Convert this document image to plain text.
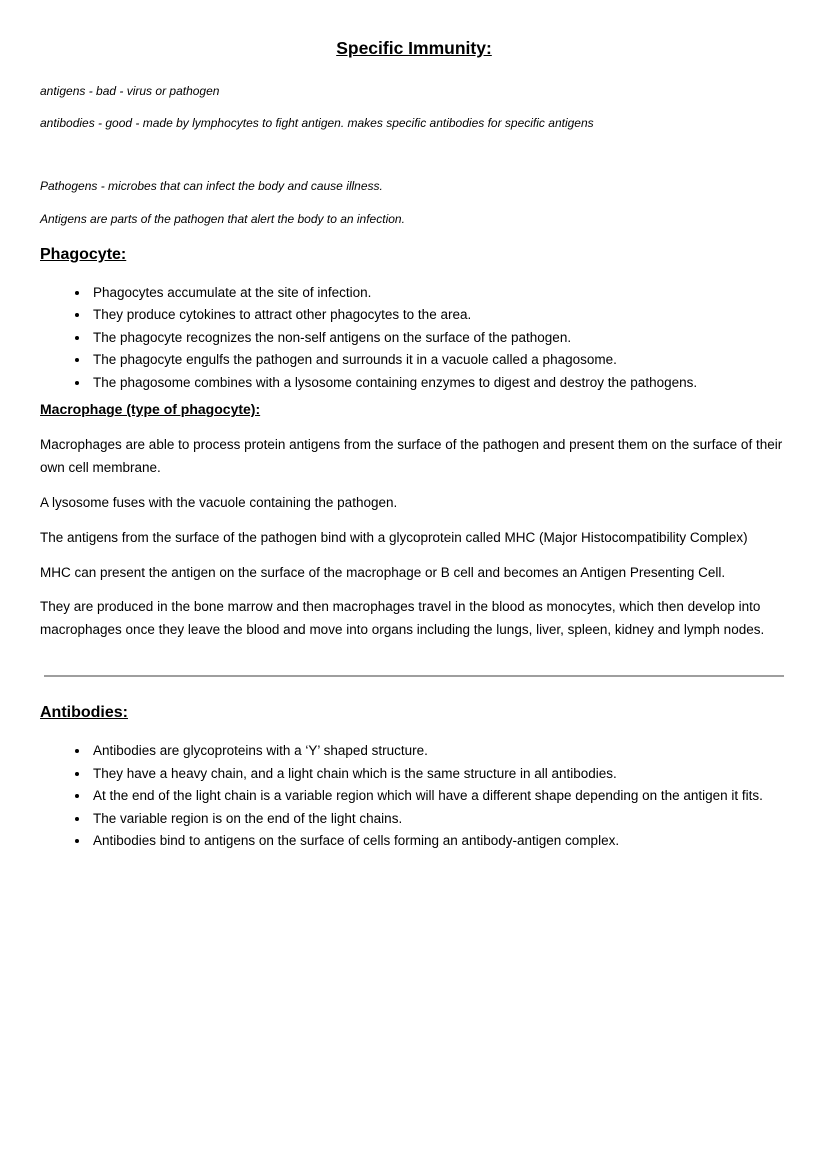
Specific Immunity:

antigens - bad - virus or pathogen

antibodies - good - made by lymphocytes to fight antigen. makes specific antibodies for specific antigens

Pathogens - microbes that can infect the body and cause illness.

Antigens are parts of the pathogen that alert the body to an infection.

Phagocyte:
• Phagocytes accumulate at the site of infection.
• They produce cytokines to attract other phagocytes to the area.
• The phagocyte recognizes the non-self antigens on the surface of the pathogen.
• The phagocyte engulfs the pathogen and surrounds it in a vacuole called a phagosome.
• The phagosome combines with a lysosome containing enzymes to digest and destroy the pathogens.
Macrophage (type of phagocyte):

Macrophages are able to process protein antigens from the surface of the pathogen and present them on the surface of their own cell membrane.

A lysosome fuses with the vacuole containing the pathogen.

The antigens from the surface of the pathogen bind with a glycoprotein called MHC (Major Histocompatibility Complex)

MHC can present the antigen on the surface of the macrophage or B cell and becomes an Antigen Presenting Cell.

They are produced in the bone marrow and then macrophages travel in the blood as monocytes, which then develop into macrophages once they leave the blood and move into organs including the lungs, liver, spleen, kidney and lymph nodes.

Antibodies:
• Antibodies are glycoproteins with a ‘Y’ shaped structure.
• They have a heavy chain, and a light chain which is the same structure in all antibodies.
• At the end of the light chain is a variable region which will have a different shape depending on the antigen it fits.
• The variable region is on the end of the light chains.
• Antibodies bind to antigens on the surface of cells forming an antibody-antigen complex.
